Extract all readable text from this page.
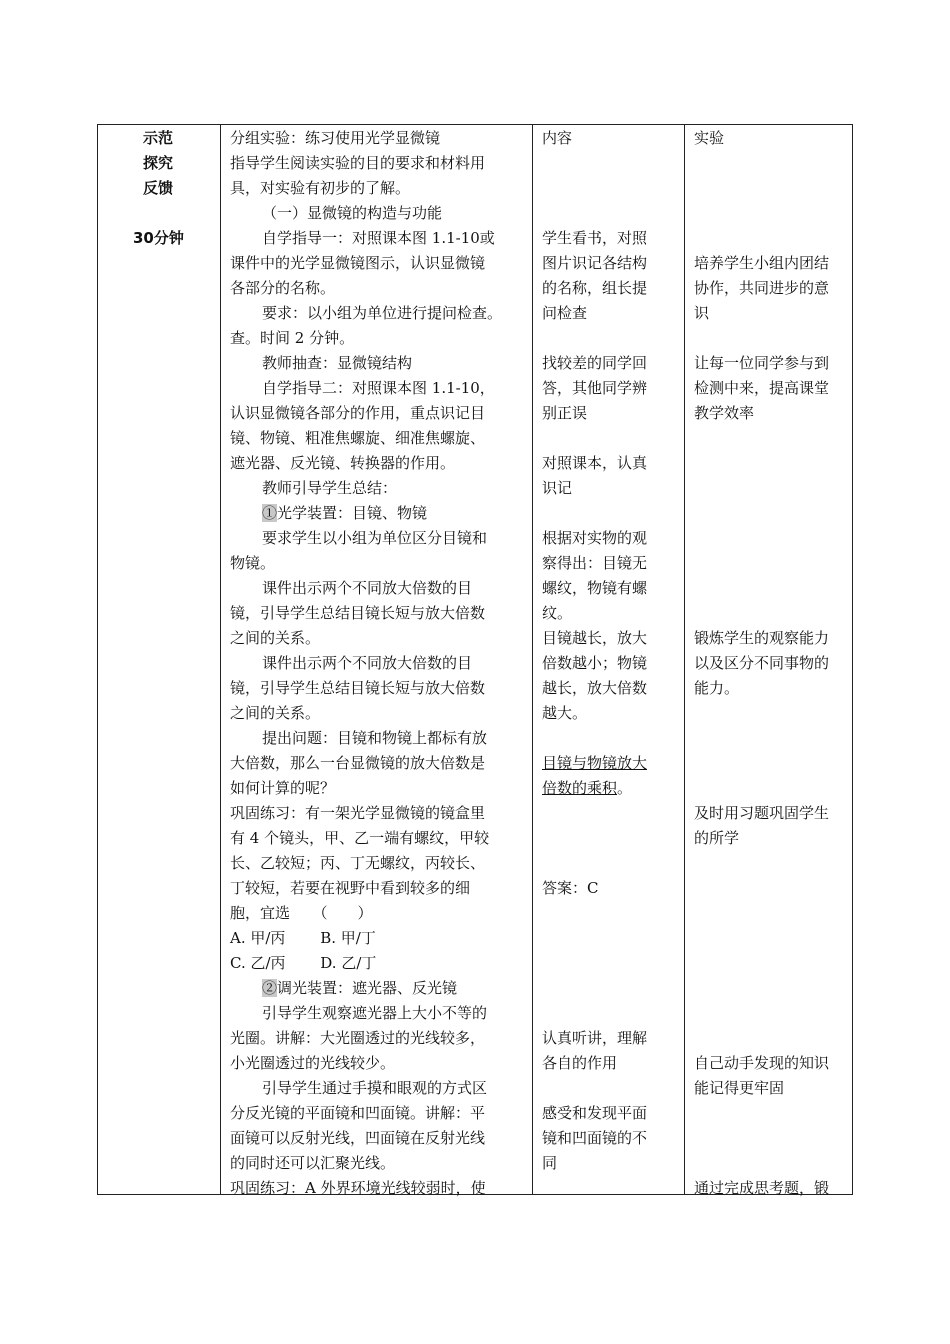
示范
探究
反馈
30分钟
分组实验：练习使用光学显微镜
指导学生阅读实验的目的要求和材料用
具，对实验有初步的了解。
（一）显微镜的构造与功能
自学指导一：对照课本图 1.1-10或
课件中的光学显微镜图示，认识显微镜
各部分的名称。
要求：以小组为单位进行提问检查。
查。时间 2 分钟。
教师抽查：显微镜结构
自学指导二：对照课本图 1.1-10，
认识显微镜各部分的作用，重点识记目
镜、物镜、粗准焦螺旋、细准焦螺旋、
遮光器、反光镜、转换器的作用。
教师引导学生总结：
①光学装置：目镜、物镜
要求学生以小组为单位区分目镜和
物镜。
课件出示两个不同放大倍数的目
镜，引导学生总结目镜长短与放大倍数
之间的关系。
课件出示两个不同放大倍数的目
镜，引导学生总结目镜长短与放大倍数
之间的关系。
提出问题：目镜和物镜上都标有放
大倍数，那么一台显微镜的放大倍数是
如何计算的呢？
巩固练习：有一架光学显微镜的镜盒里
有 4 个镜头，甲、乙一端有螺纹，甲较
长、乙较短；丙、丁无螺纹，丙较长、
丁较短，若要在视野中看到较多的细
胞，宜选　　（　　）
A. 甲/丙　　 B. 甲/丁
C. 乙/丙　　 D. 乙/丁
②调光装置：遮光器、反光镜
引导学生观察遮光器上大小不等的
光圈。讲解：大光圈透过的光线较多，
小光圈透过的光线较少。
引导学生通过手摸和眼观的方式区
分反光镜的平面镜和凹面镜。讲解：平
面镜可以反射光线，凹面镜在反射光线
的同时还可以汇聚光线。
巩固练习：A 外界环境光线较弱时，使
内容
学生看书，对照
图片识记各结构
的名称，组长提
问检查
找较差的同学回
答，其他同学辨
别正误
对照课本，认真
识记
根据对实物的观
察得出：目镜无
螺纹，物镜有螺
纹。
目镜越长，放大
倍数越小；物镜
越长，放大倍数
越大。
目镜与物镜放大
倍数的乘积。
答案：C
认真听讲，理解
各自的作用
感受和发现平面
镜和凹面镜的不
同
实验
培养学生小组内团结
协作，共同进步的意
识
让每一位同学参与到
检测中来，提高课堂
教学效率
锻炼学生的观察能力
以及区分不同事物的
能力。
及时用习题巩固学生
的所学
自己动手发现的知识
能记得更牢固
通过完成思考题，锻
